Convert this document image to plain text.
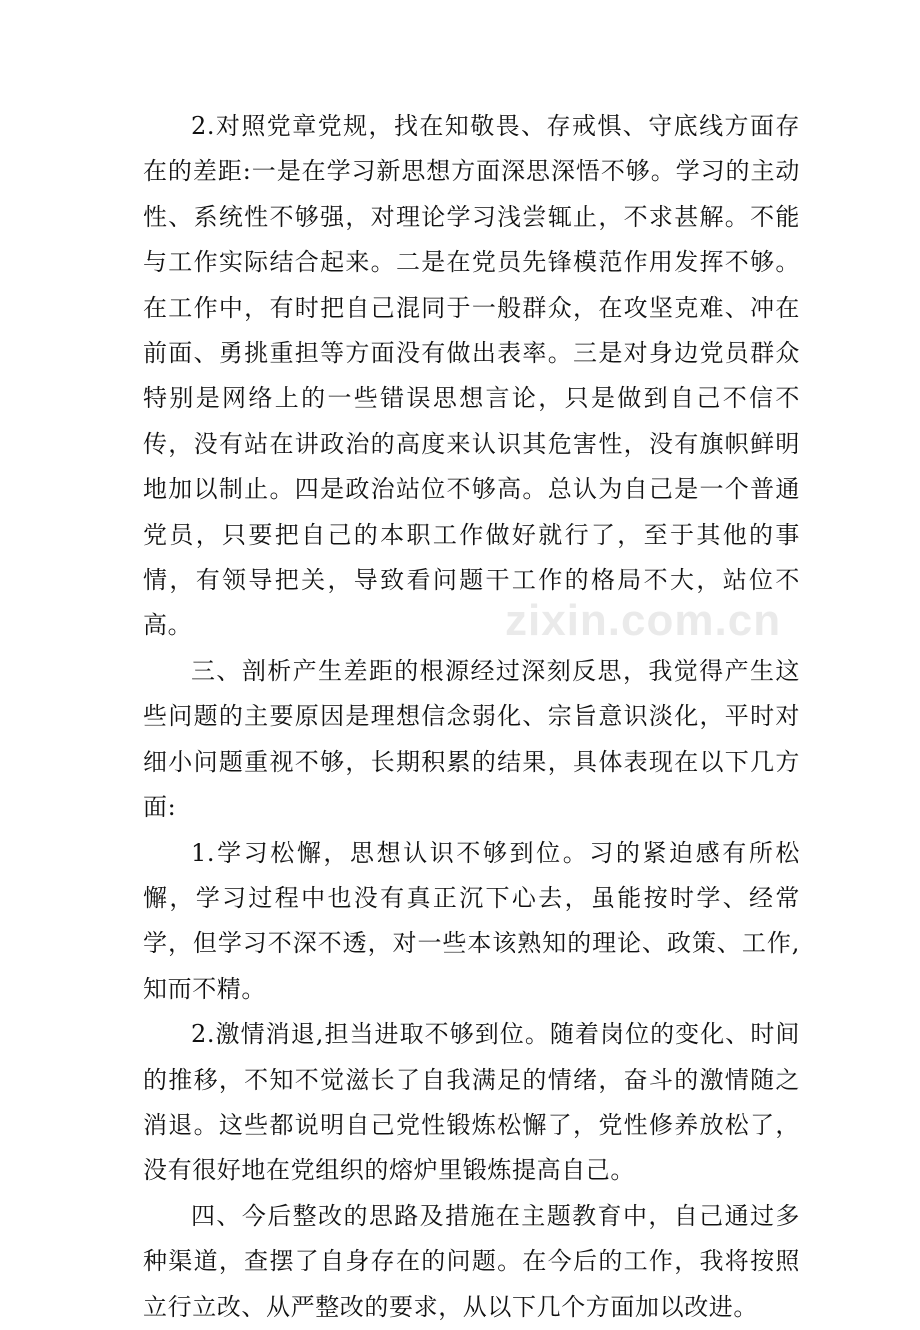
2.对照党章党规，找在知敬畏、存戒惧、守底线方面存在的差距:一是在学习新思想方面深思深悟不够。学习的主动性、系统性不够强，对理论学习浅尝辄止，不求甚解。不能与工作实际结合起来。二是在党员先锋模范作用发挥不够。在工作中，有时把自己混同于一般群众，在攻坚克难、冲在前面、勇挑重担等方面没有做出表率。三是对身边党员群众特别是网络上的一些错误思想言论，只是做到自己不信不传，没有站在讲政治的高度来认识其危害性，没有旗帜鲜明地加以制止。四是政治站位不够高。总认为自己是一个普通党员，只要把自己的本职工作做好就行了，至于其他的事情，有领导把关，导致看问题干工作的格局不大，站位不高。

三、剖析产生差距的根源经过深刻反思，我觉得产生这些问题的主要原因是理想信念弱化、宗旨意识淡化，平时对细小问题重视不够，长期积累的结果，具体表现在以下几方面:

1.学习松懈，思想认识不够到位。习的紧迫感有所松懈，学习过程中也没有真正沉下心去，虽能按时学、经常学，但学习不深不透，对一些本该熟知的理论、政策、工作,知而不精。

2.激情消退,担当进取不够到位。随着岗位的变化、时间的推移，不知不觉滋长了自我满足的情绪，奋斗的激情随之消退。这些都说明自己党性锻炼松懈了，党性修养放松了，没有很好地在党组织的熔炉里锻炼提高自己。

四、今后整改的思路及措施在主题教育中，自己通过多种渠道，查摆了自身存在的问题。在今后的工作，我将按照立行立改、从严整改的要求，从以下几个方面加以改进。

zixin.com.cn
